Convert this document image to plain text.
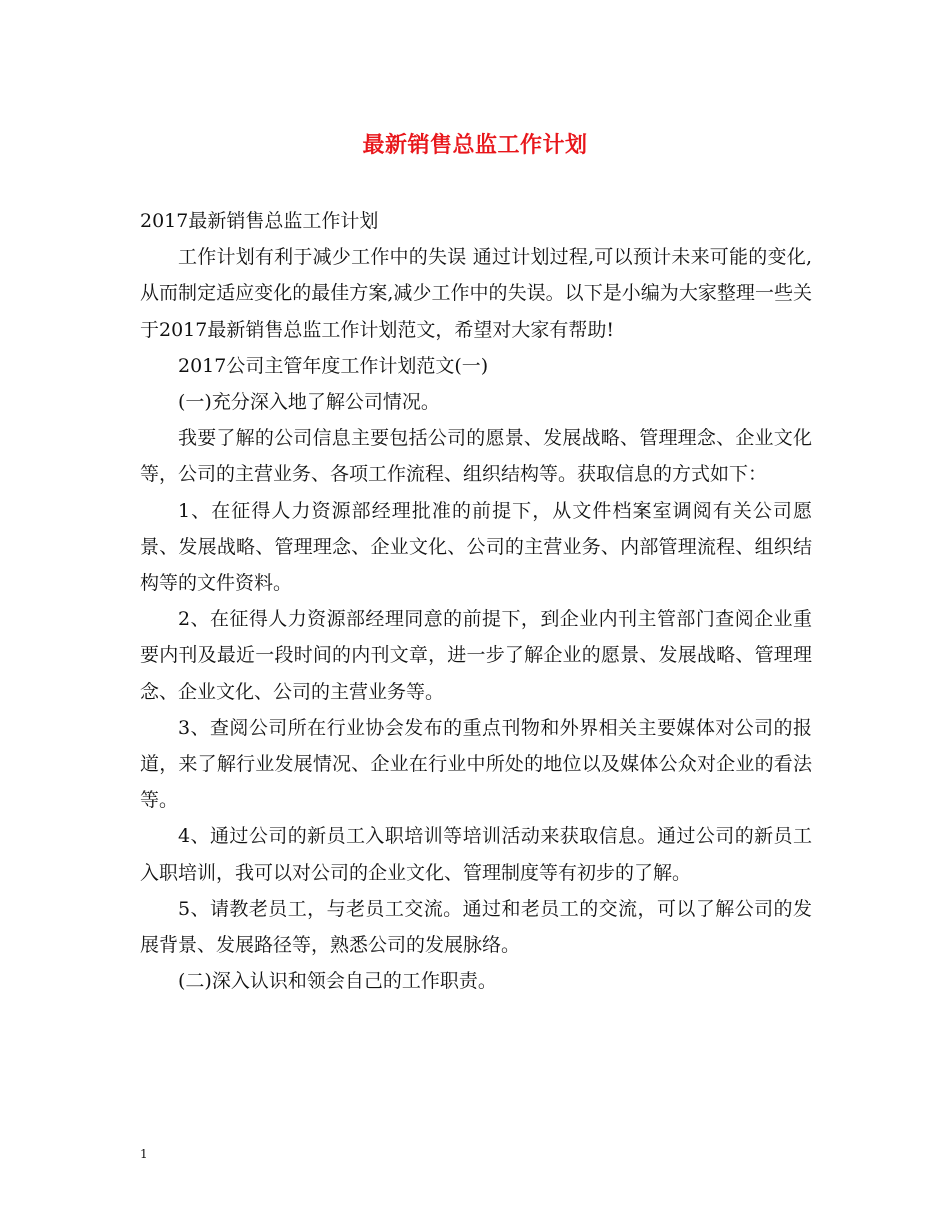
最新销售总监工作计划

2017最新销售总监工作计划

工作计划有利于减少工作中的失误 通过计划过程,可以预计未来可能的变化,从而制定适应变化的最佳方案,减少工作中的失误。以下是小编为大家整理一些关于2017最新销售总监工作计划范文，希望对大家有帮助!

2017公司主管年度工作计划范文(一)

(一)充分深入地了解公司情况。

我要了解的公司信息主要包括公司的愿景、发展战略、管理理念、企业文化等，公司的主营业务、各项工作流程、组织结构等。获取信息的方式如下：

1、在征得人力资源部经理批准的前提下，从文件档案室调阅有关公司愿景、发展战略、管理理念、企业文化、公司的主营业务、内部管理流程、组织结构等的文件资料。

2、在征得人力资源部经理同意的前提下，到企业内刊主管部门查阅企业重要内刊及最近一段时间的内刊文章，进一步了解企业的愿景、发展战略、管理理念、企业文化、公司的主营业务等。

3、查阅公司所在行业协会发布的重点刊物和外界相关主要媒体对公司的报道，来了解行业发展情况、企业在行业中所处的地位以及媒体公众对企业的看法等。

4、通过公司的新员工入职培训等培训活动来获取信息。通过公司的新员工入职培训，我可以对公司的企业文化、管理制度等有初步的了解。

5、请教老员工，与老员工交流。通过和老员工的交流，可以了解公司的发展背景、发展路径等，熟悉公司的发展脉络。

(二)深入认识和领会自己的工作职责。

1
